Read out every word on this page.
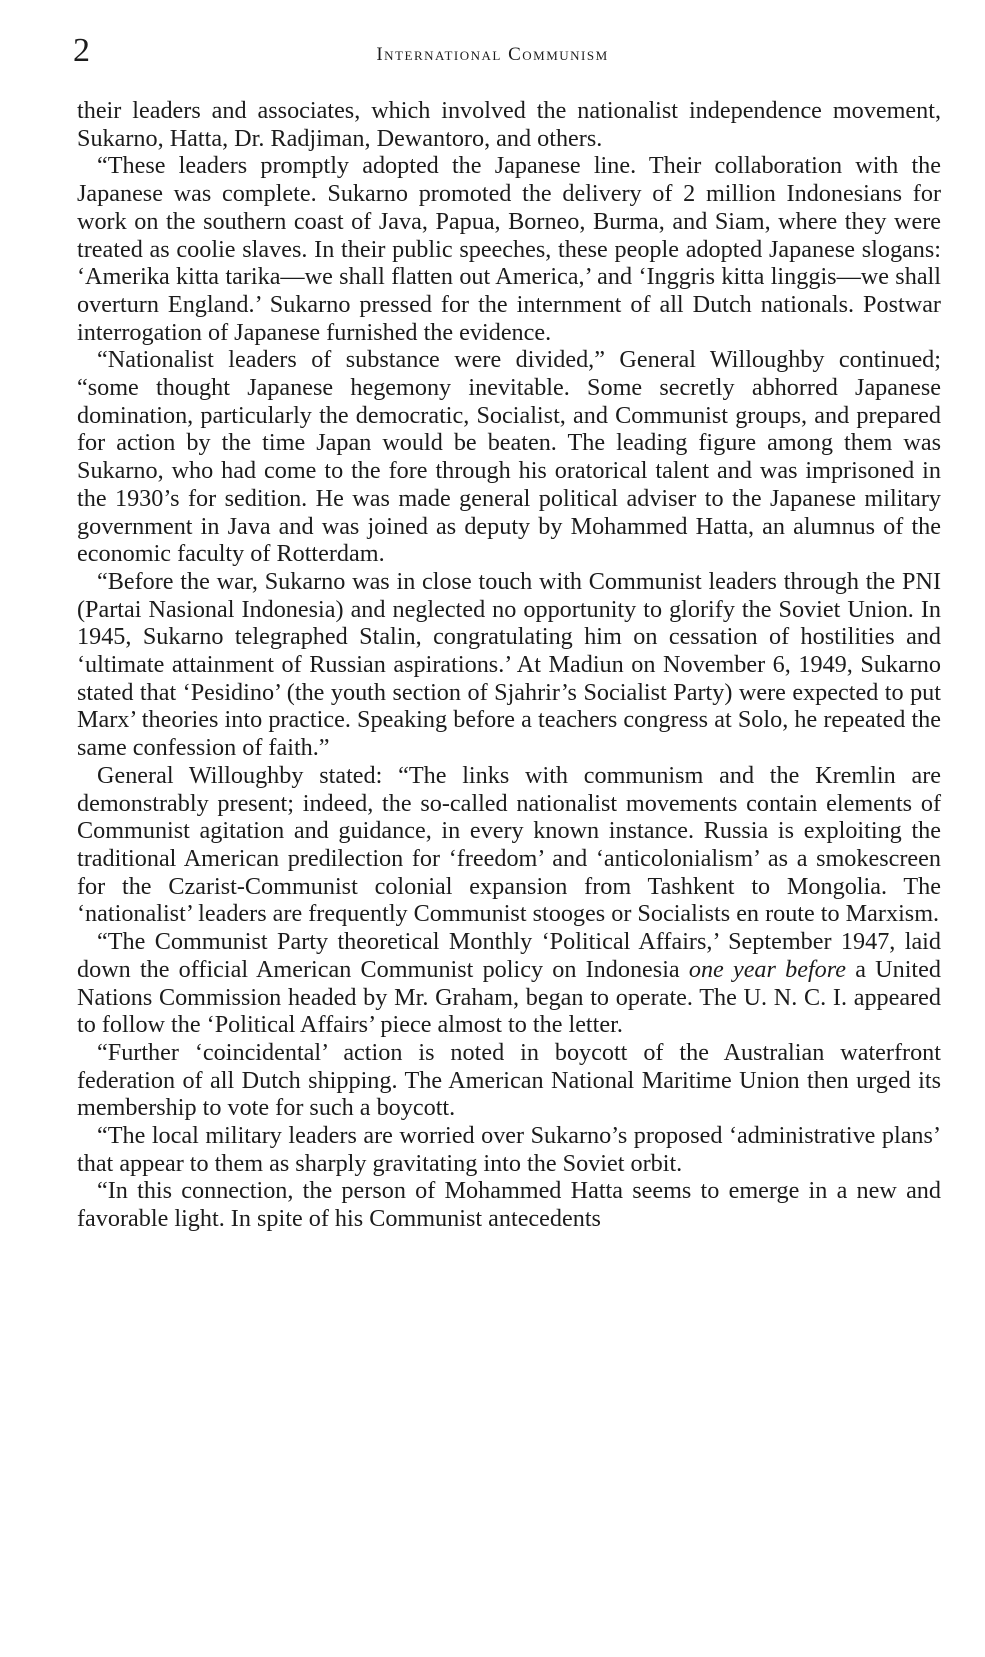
2	International Communism

their leaders and associates, which involved the nationalist independence movement, Sukarno, Hatta, Dr. Radjiman, Dewantoro, and others.

“These leaders promptly adopted the Japanese line. Their collaboration with the Japanese was complete. Sukarno promoted the delivery of 2 million Indonesians for work on the southern coast of Java, Papua, Borneo, Burma, and Siam, where they were treated as coolie slaves. In their public speeches, these people adopted Japanese slogans: ‘Amerika kitta tarika—we shall flatten out America,’ and ‘Inggris kitta linggis—we shall overturn England.’ Sukarno pressed for the internment of all Dutch nationals. Postwar interrogation of Japanese furnished the evidence.

“Nationalist leaders of substance were divided,” General Willoughby continued; “some thought Japanese hegemony inevitable. Some secretly abhorred Japanese domination, particularly the democratic, Socialist, and Communist groups, and prepared for action by the time Japan would be beaten. The leading figure among them was Sukarno, who had come to the fore through his oratorical talent and was imprisoned in the 1930’s for sedition. He was made general political adviser to the Japanese military government in Java and was joined as deputy by Mohammed Hatta, an alumnus of the economic faculty of Rotterdam.

“Before the war, Sukarno was in close touch with Communist leaders through the PNI (Partai Nasional Indonesia) and neglected no opportunity to glorify the Soviet Union. In 1945, Sukarno telegraphed Stalin, congratulating him on cessation of hostilities and ‘ultimate attainment of Russian aspirations.’ At Madiun on November 6, 1949, Sukarno stated that ‘Pesidino’ (the youth section of Sjahrir’s Socialist Party) were expected to put Marx’ theories into practice. Speaking before a teachers congress at Solo, he repeated the same confession of faith.”

General Willoughby stated: “The links with communism and the Kremlin are demonstrably present; indeed, the so-called nationalist movements contain elements of Communist agitation and guidance, in every known instance. Russia is exploiting the traditional American predilection for ‘freedom’ and ‘anticolonialism’ as a smokescreen for the Czarist-Communist colonial expansion from Tashkent to Mongolia. The ‘nationalist’ leaders are frequently Communist stooges or Socialists en route to Marxism.

“The Communist Party theoretical Monthly ‘Political Affairs,’ September 1947, laid down the official American Communist policy on Indonesia one year before a United Nations Commission headed by Mr. Graham, began to operate. The U. N. C. I. appeared to follow the ‘Political Affairs’ piece almost to the letter.

“Further ‘coincidental’ action is noted in boycott of the Australian waterfront federation of all Dutch shipping. The American National Maritime Union then urged its membership to vote for such a boycott.

“The local military leaders are worried over Sukarno’s proposed ‘administrative plans’ that appear to them as sharply gravitating into the Soviet orbit.

“In this connection, the person of Mohammed Hatta seems to emerge in a new and favorable light. In spite of his Communist antecedents
